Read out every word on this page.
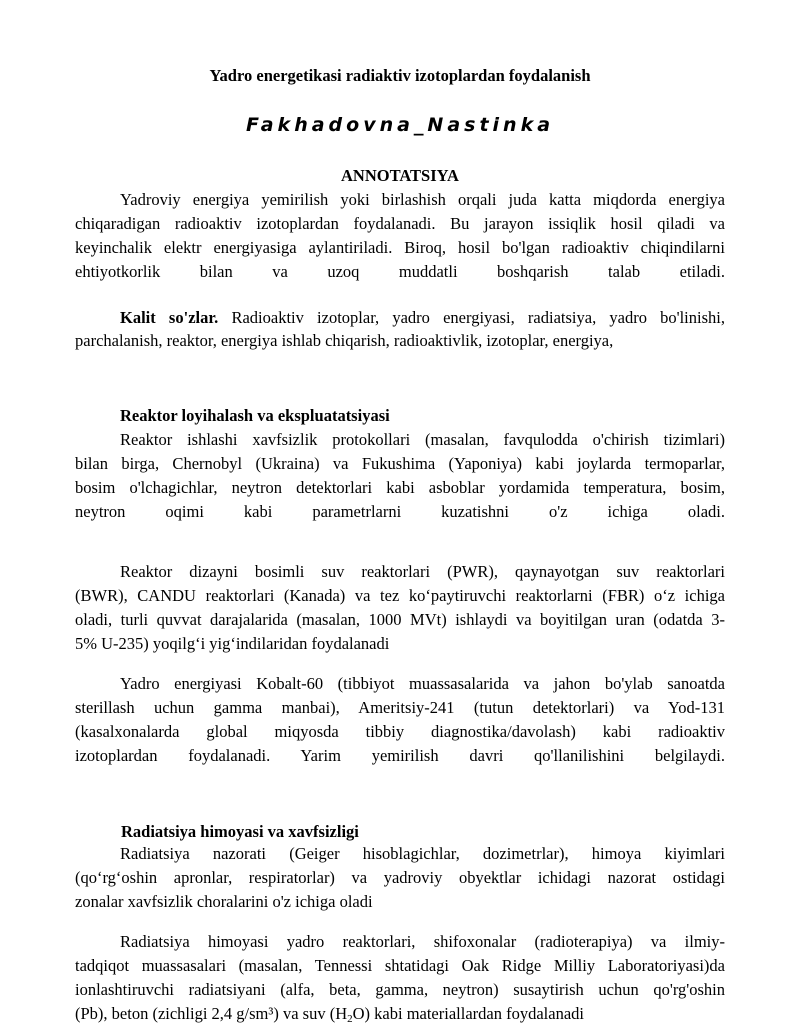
Yadro energetikasi radiaktiv izotoplardan foydalanish
Fakhadovna_Nastinka
ANNOTATSIYA
Yadroviy energiya yemirilish yoki birlashish orqali juda katta miqdorda energiya
chiqaradigan radioaktiv izotoplardan foydalanadi. Bu jarayon issiqlik hosil qiladi va
keyinchalik elektr energiyasiga aylantiriladi. Biroq, hosil bo'lgan radioaktiv chiqindilarni
ehtiyotkorlik bilan va uzoq muddatli boshqarish talab etiladi.
Kalit so'zlar. Radioaktiv izotoplar, yadro energiyasi, radiatsiya, yadro bo'linishi,
parchalanish, reaktor, energiya ishlab chiqarish, radioaktivlik, izotoplar, energiya,
Reaktor loyihalash va ekspluatatsiyasi
Reaktor ishlashi xavfsizlik protokollari (masalan, favqulodda o'chirish tizimlari)
bilan birga, Chernobyl (Ukraina) va Fukushima (Yaponiya) kabi joylarda termoparlar,
bosim o'lchagichlar, neytron detektorlari kabi asboblar yordamida temperatura, bosim,
neytron oqimi kabi parametrlarni kuzatishni o'z ichiga oladi.
Reaktor dizayni bosimli suv reaktorlari (PWR), qaynayotgan suv reaktorlari
(BWR), CANDU reaktorlari (Kanada) va tez ko‘paytiruvchi reaktorlarni (FBR) o‘z ichiga
oladi, turli quvvat darajalarida (masalan, 1000 MVt) ishlaydi va boyitilgan uran (odatda 3-
5% U-235) yoqilg‘i yig‘indilaridan foydalanadi
Yadro energiyasi Kobalt-60 (tibbiyot muassasalarida va jahon bo'ylab sanoatda
sterillash uchun gamma manbai), Ameritsiy-241 (tutun detektorlari) va Yod-131
(kasalxonalarda global miqyosda tibbiy diagnostika/davolash) kabi radioaktiv
izotoplardan foydalanadi. Yarim yemirilish davri qo'llanilishini belgilaydi.
Radiatsiya himoyasi va xavfsizligi
Radiatsiya nazorati (Geiger hisoblagichlar, dozimetrlar), himoya kiyimlari
(qo‘rg‘oshin apronlar, respiratorlar) va yadroviy obyektlar ichidagi nazorat ostidagi
zonalar xavfsizlik choralarini o'z ichiga oladi
Radiatsiya himoyasi yadro reaktorlari, shifoxonalar (radioterapiya) va ilmiy-
tadqiqot muassasalari (masalan, Tennessi shtatidagi Oak Ridge Milliy Laboratoriyasi)da
ionlashtiruvchi radiatsiyani (alfa, beta, gamma, neytron) susaytirish uchun qo'rg'oshin
(Pb), beton (zichligi 2,4 g/sm³) va suv $(H_2O)$ kabi materiallardan foydalanadi
